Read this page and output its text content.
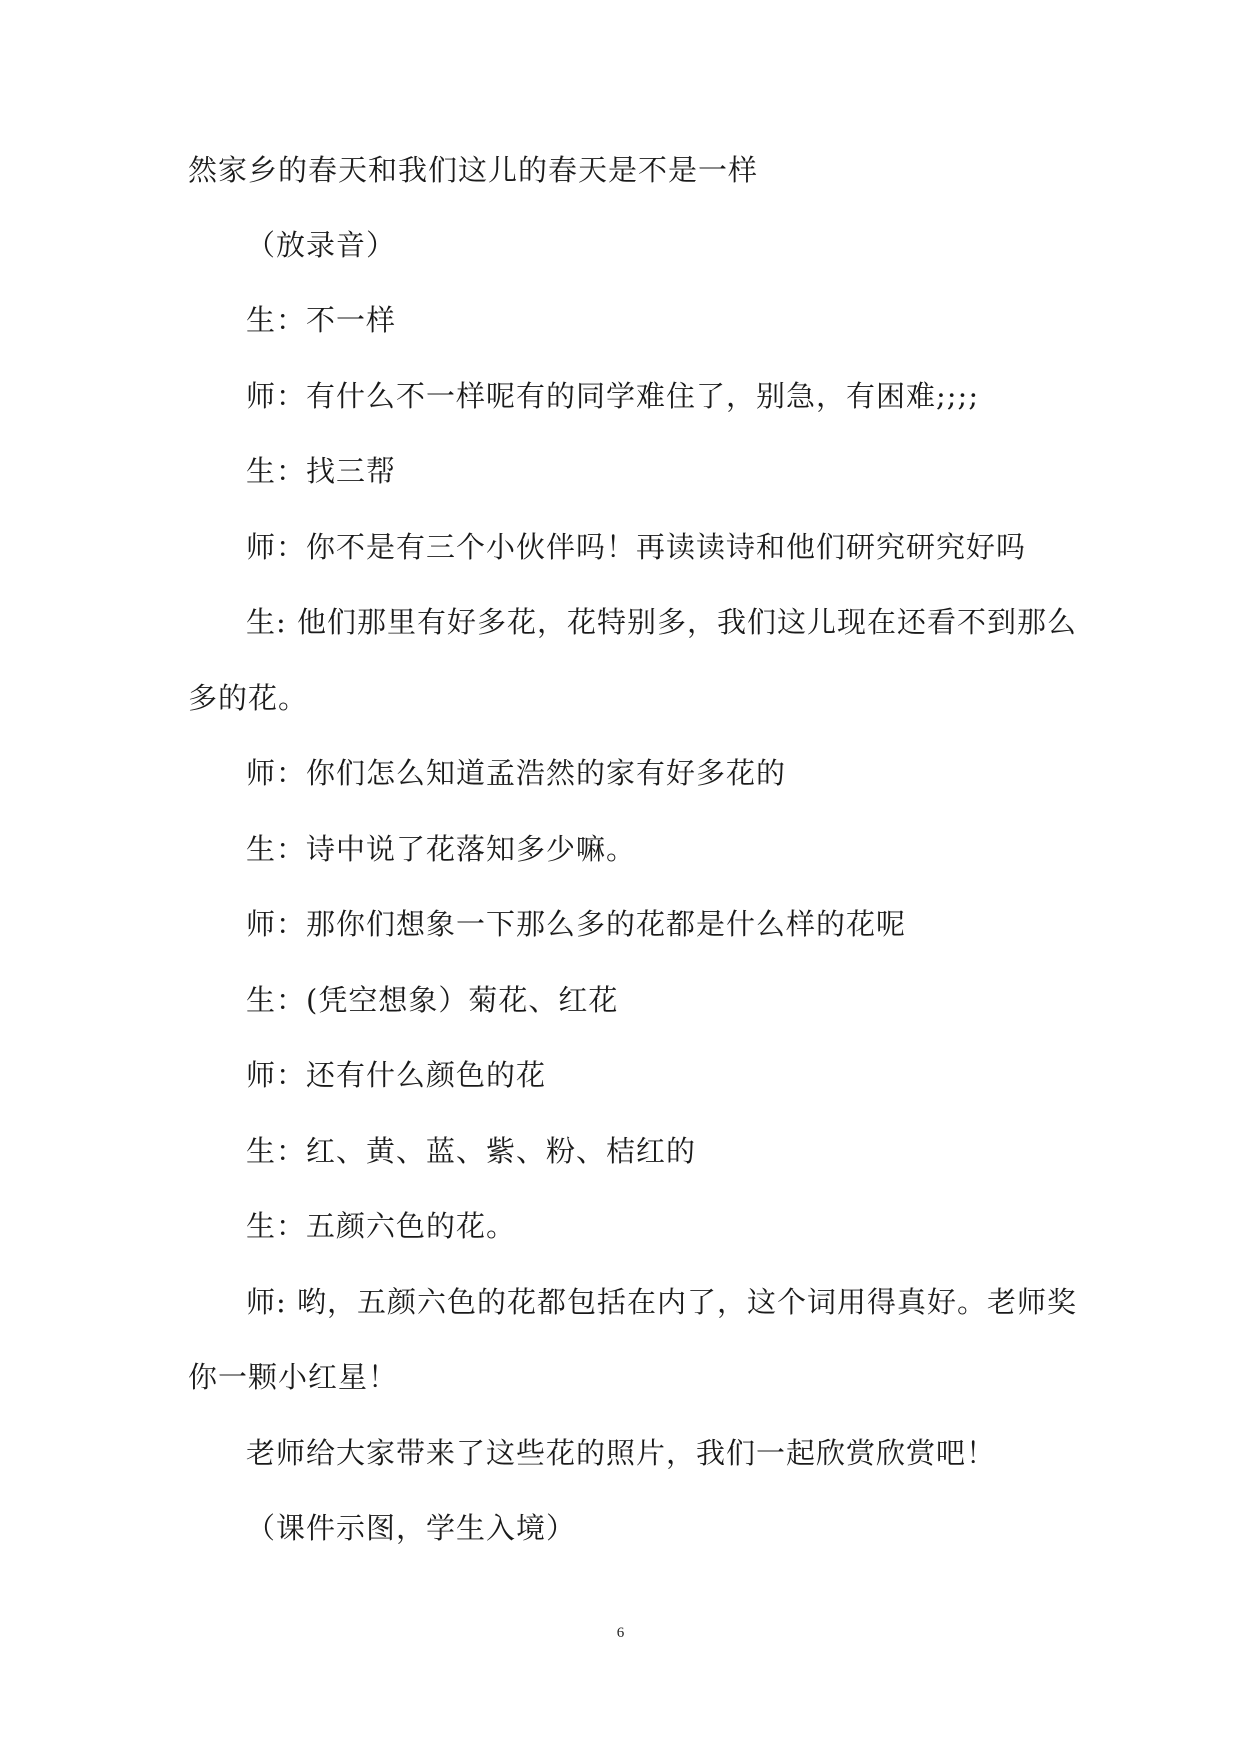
然家乡的春天和我们这儿的春天是不是一样
（放录音）
生：不一样
师：有什么不一样呢有的同学难住了，别急，有困难;;;;
生：找三帮
师：你不是有三个小伙伴吗！再读读诗和他们研究研究好吗
生: 他们那里有好多花，花特别多，我们这儿现在还看不到那么
多的花。
师：你们怎么知道孟浩然的家有好多花的
生：诗中说了花落知多少嘛。
师：那你们想象一下那么多的花都是什么样的花呢
生：(凭空想象）菊花、红花
师：还有什么颜色的花
生：红、黄、蓝、紫、粉、桔红的
生：五颜六色的花。
师: 哟，五颜六色的花都包括在内了，这个词用得真好。老师奖
你一颗小红星！
老师给大家带来了这些花的照片，我们一起欣赏欣赏吧！
（课件示图，学生入境）
6
